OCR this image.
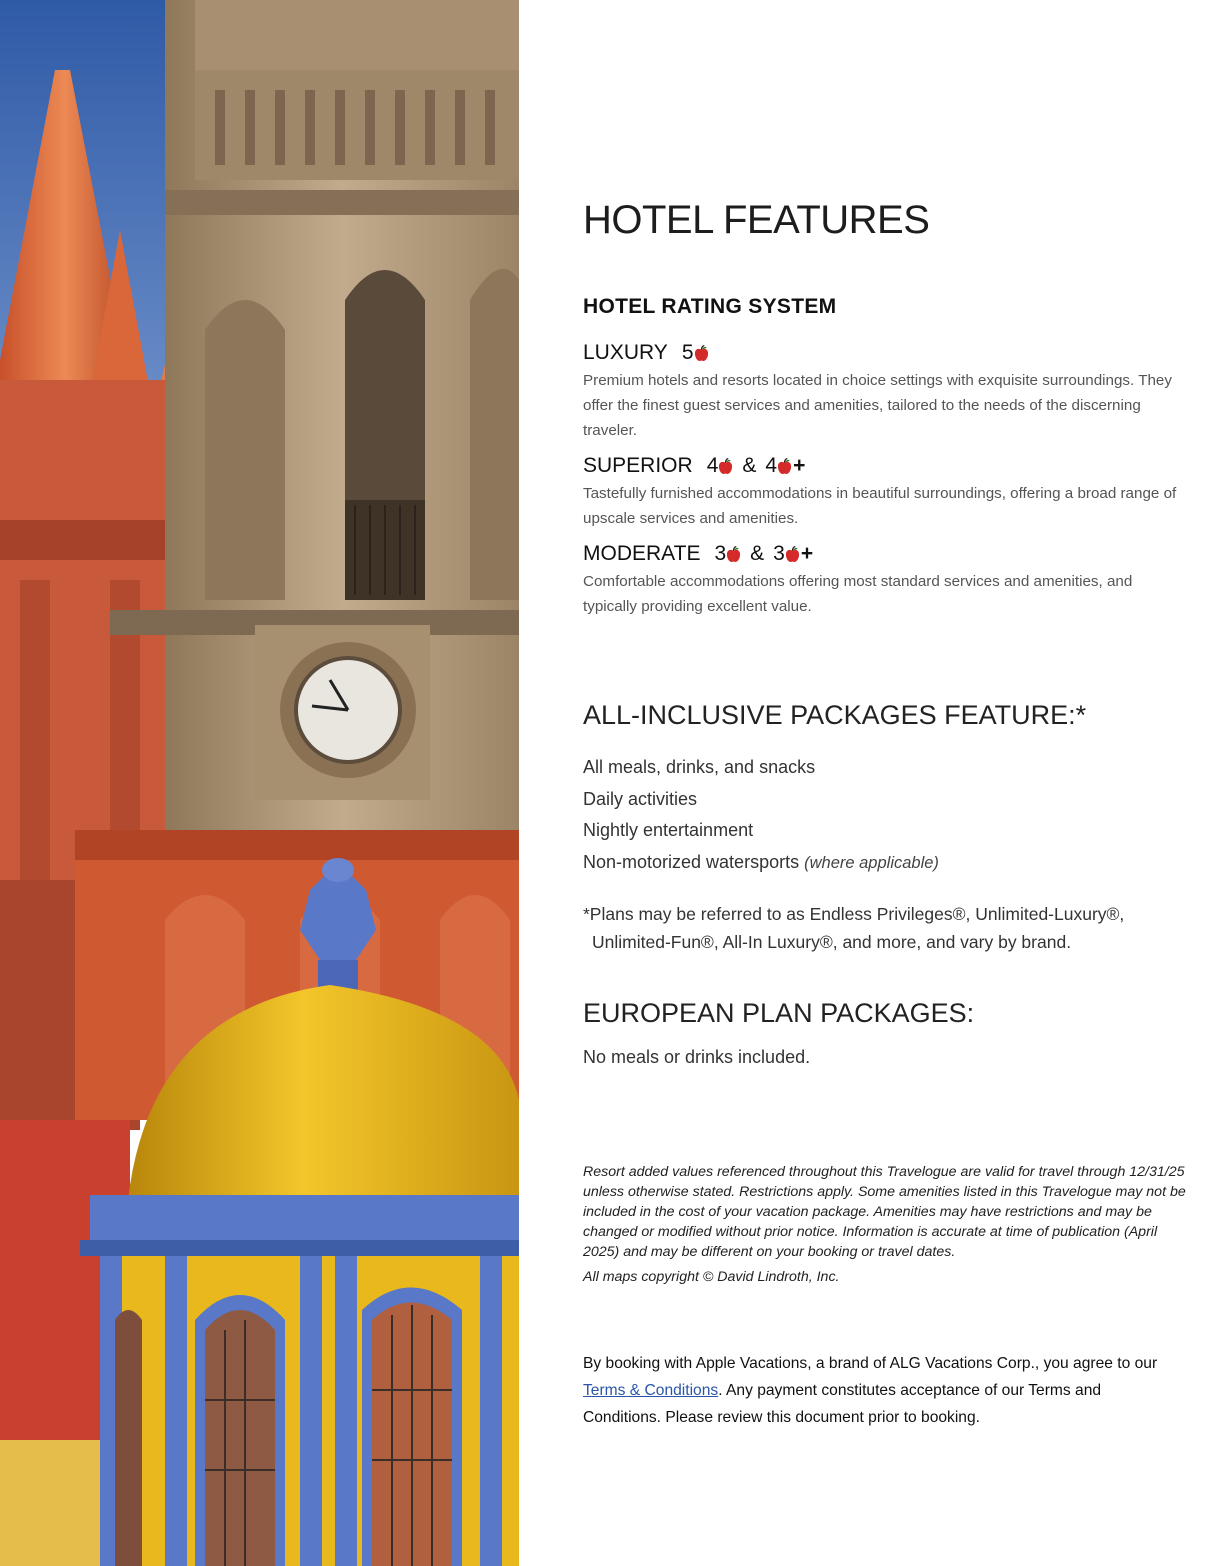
HOTEL FEATURES
HOTEL RATING SYSTEM
LUXURY 5
Premium hotels and resorts located in choice settings with exquisite surroundings. They offer the finest guest services and amenities, tailored to the needs of the discerning traveler.
SUPERIOR 4 & 4 +
Tastefully furnished accommodations in beautiful surroundings, offering a broad range of upscale services and amenities.
MODERATE 3 & 3 +
Comfortable accommodations offering most standard services and amenities, and typically providing excellent value.
ALL-INCLUSIVE PACKAGES FEATURE:*
All meals, drinks, and snacks
Daily activities
Nightly entertainment
Non-motorized watersports (where applicable)
*Plans may be referred to as Endless Privileges®, Unlimited-Luxury®,
Unlimited-Fun®, All-In Luxury®, and more, and vary by brand.
EUROPEAN PLAN PACKAGES:
No meals or drinks included.
Resort added values referenced throughout this Travelogue are valid for travel through 12/31/25 unless otherwise stated. Restrictions apply. Some amenities listed in this Travelogue may not be included in the cost of your vacation package. Amenities may have restrictions and may be changed or modified without prior notice. Information is accurate at time of publication (April 2025) and may be different on your booking or travel dates.
All maps copyright © David Lindroth, Inc.
By booking with Apple Vacations, a brand of ALG Vacations Corp., you agree to our Terms & Conditions. Any payment constitutes acceptance of our Terms and Conditions. Please review this document prior to booking.
